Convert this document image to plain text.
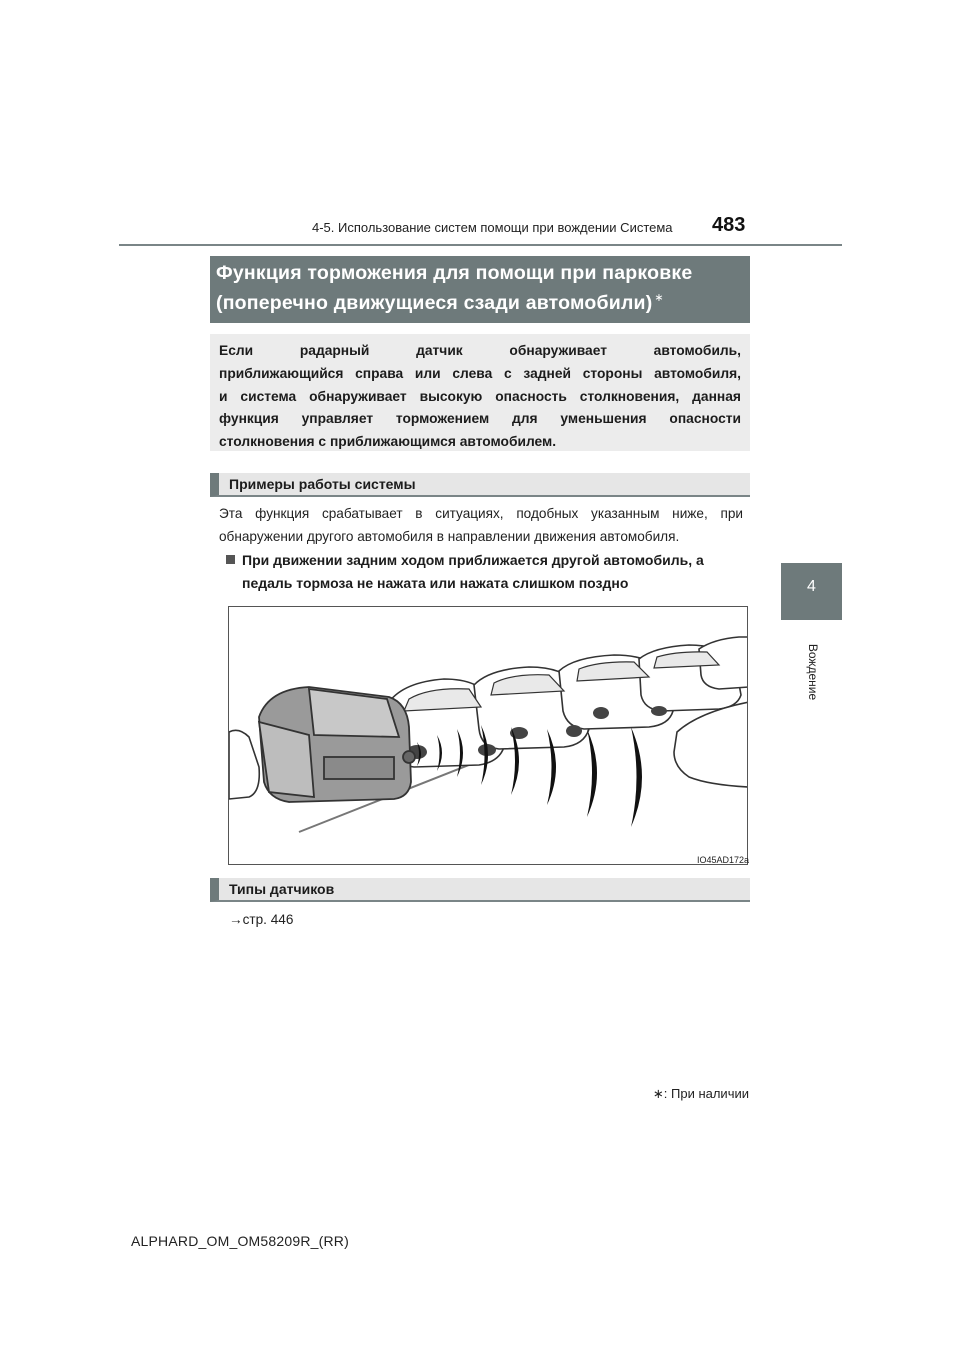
4-5. Использование систем помощи при вождении Система	483
4
Вождение
Функция торможения для помощи при парковке
(поперечно движущиеся сзади автомобили) ∗
Если радарный датчик обнаруживает автомобиль,
приближающийся справа или слева с задней стороны автомобиля,
и система обнаруживает высокую опасность столкновения, данная
функция управляет торможением для уменьшения опасности
столкновения с приближающимся автомобилем.
Примеры работы системы
Эта функция срабатывает в ситуациях, подобных указанным ниже, при
обнаружении другого автомобиля в направлении движения автомобиля.
При движении задним ходом приближается другой автомобиль, а
педаль тормоза не нажата или нажата слишком поздно
IO45AD172a
Типы датчиков
→стр. 446
∗: При наличии
ALPHARD_OM_OM58209R_(RR)
